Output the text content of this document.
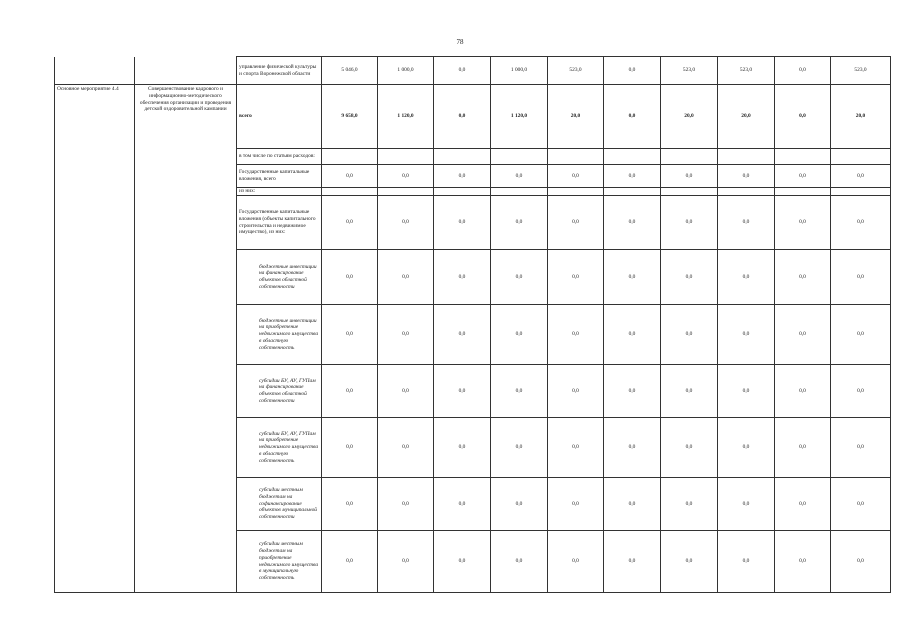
78
		управление физической культуры и спорта Воронежской области	5 046,0	1 000,0	0,0	1 000,0	523,0	0,0	523,0	523,0	0,0	523,0
Основное мероприятие 4.4	Совершенствование кадрового и информационно-методического обеспечения организации и проведения детской оздоровительной кампании	всего	9 658,0	1 120,0	0,0	1 120,0	20,0	0,0	20,0	20,0	0,0	20,0
		в том числе по статьям расходов:										
		Государственные капитальные вложения, всего	0,0	0,0	0,0	0,0	0,0	0,0	0,0	0,0	0,0	0,0
		из них:										
		Государственные капитальные вложения (объекты капитального строительства и недвижимое имущество), из них:	0,0	0,0	0,0	0,0	0,0	0,0	0,0	0,0	0,0	0,0
		бюджетные инвестиции на финансирование объектов областной собственности	0,0	0,0	0,0	0,0	0,0	0,0	0,0	0,0	0,0	0,0
		бюджетные инвестиции на приобретение недвижимого имущества в областную собственность	0,0	0,0	0,0	0,0	0,0	0,0	0,0	0,0	0,0	0,0
		субсидии БУ, АУ, ГУПам на финансирование объектов областной собственности	0,0	0,0	0,0	0,0	0,0	0,0	0,0	0,0	0,0	0,0
		субсидии БУ, АУ, ГУПам на приобретение недвижимого имущества в областную собственность	0,0	0,0	0,0	0,0	0,0	0,0	0,0	0,0	0,0	0,0
		субсидии местным бюджетам на софинансирование объектов муниципальной собственности	0,0	0,0	0,0	0,0	0,0	0,0	0,0	0,0	0,0	0,0
		субсидии местным бюджетам на приобретение недвижимого имущества в муниципальную собственность	0,0	0,0	0,0	0,0	0,0	0,0	0,0	0,0	0,0	0,0
